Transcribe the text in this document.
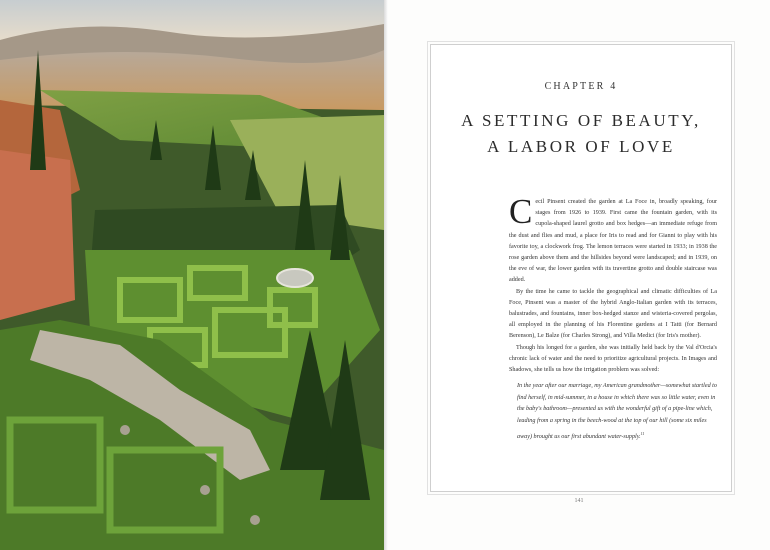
CHAPTER 4
A SETTING OF BEAUTY,
A LABOR OF LOVE

Cecil Pinsent created the garden at La Foce in, broadly speaking, four stages from 1926 to 1939. First came the fountain garden, with its cupola-shaped laurel grotto and box hedges—an immediate refuge from the dust and flies and mud, a place for Iris to read and for Gianni to play with his favorite toy, a clockwork frog. The lemon terraces were started in 1933; in 1938 the rose garden above them and the hillsides beyond were landscaped; and in 1939, on the eve of war, the lower garden with its travertine grotto and double staircase was added.

By the time he came to tackle the geographical and climatic difficulties of La Foce, Pinsent was a master of the hybrid Anglo-Italian garden with its terraces, balustrades, and fountains, inner box-hedged stanze and wisteria-covered pergolas, all employed in the planning of his Florentine gardens at I Tatti (for Bernard Berenson), Le Balze (for Charles Strong), and Villa Medici (for Iris's mother).

Though his longed for a garden, she was initially held back by the Val d'Orcia's chronic lack of water and the need to prioritize agricultural projects. In Images and Shadows, she tells us how the irrigation problem was solved:

In the year after our marriage, my American grandmother—somewhat startled to find herself, in mid-summer, in a house in which there was so little water, even in the baby's bathroom—presented us with the wonderful gift of a pipe-line which, leading from a spring in the beech-wood at the top of our hill (some six miles away) brought us our first abundant water-supply.$^{11}$

141
